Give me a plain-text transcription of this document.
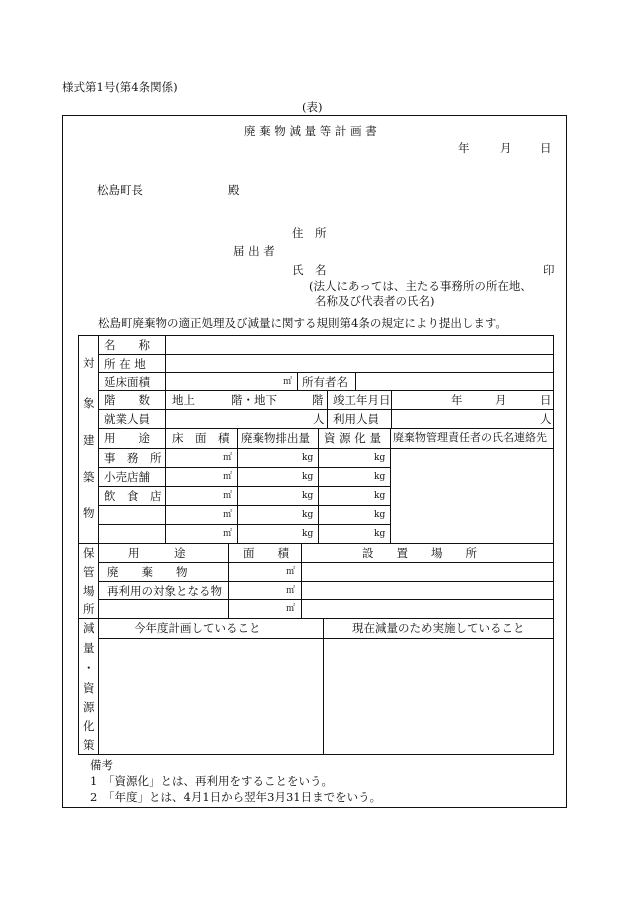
様式第1号(第4条関係)
(表)
廃 棄 物 減 量 等 計 画 書
年	月 日
松島町長	殿
住　所
届 出 者
氏　名	印
(法人にあっては、主たる事務所の所在地、
名称及び代表者の氏名)
松島町廃棄物の適正処理及び減量に関する規則第4条の規定により提出します。
対
象
建
築
物
名　　称
所 在 地
延床面積	㎡ 所有者名
階　　数 地上	階・地下	階 竣工年月日	年	月	日
就業人員	人 利用人員	人
用　　途 床　面　積 廃棄物排出量 資 源 化 量 廃棄物管理責任者の氏名連絡先
事　務　所	㎡	kg	kg
小売店舗	㎡	kg	kg
飲　食　店	㎡	kg	kg
㎡	kg	kg
㎡	kg	kg
保
管
場
所
用　　　途	面　　積	設　　置　　場　　所
廃　　棄　　物	㎡
再利用の対象となる物	㎡
㎡
減
量
・
資
源
化
策
今年度計画していること	現在減量のため実施していること
備考
1 「資源化」とは、再利用をすることをいう。
2 「年度」とは、4月1日から翌年3月31日までをいう。
